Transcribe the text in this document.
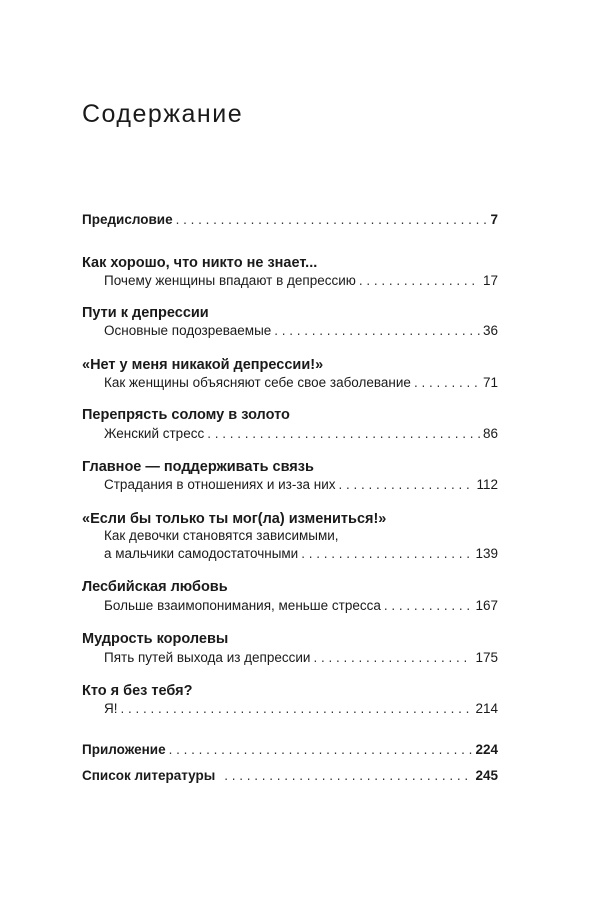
Содержание
Предисловие . . .	7
Как хорошо, что никто не знает...
Почему женщины впадают в депрессию . . .	17
Пути к депрессии
Основные подозреваемые . . .	36
«Нет у меня никакой депрессии!»
Как женщины объясняют себе свое заболевание . . .	71
Перепрясть солому в золото
Женский стресс . . .	86
Главное — поддерживать связь
Страдания в отношениях и из-за них . . .	112
«Если бы только ты мог(ла) измениться!»
Как девочки становятся зависимыми,
а мальчики самодостаточными . . .	139
Лесбийская любовь
Больше взаимопонимания, меньше стресса . . .	167
Мудрость королевы
Пять путей выхода из депрессии . . .	175
Кто я без тебя?
Я! . . .	214
Приложение . . .	224
Список литературы . . .	245
